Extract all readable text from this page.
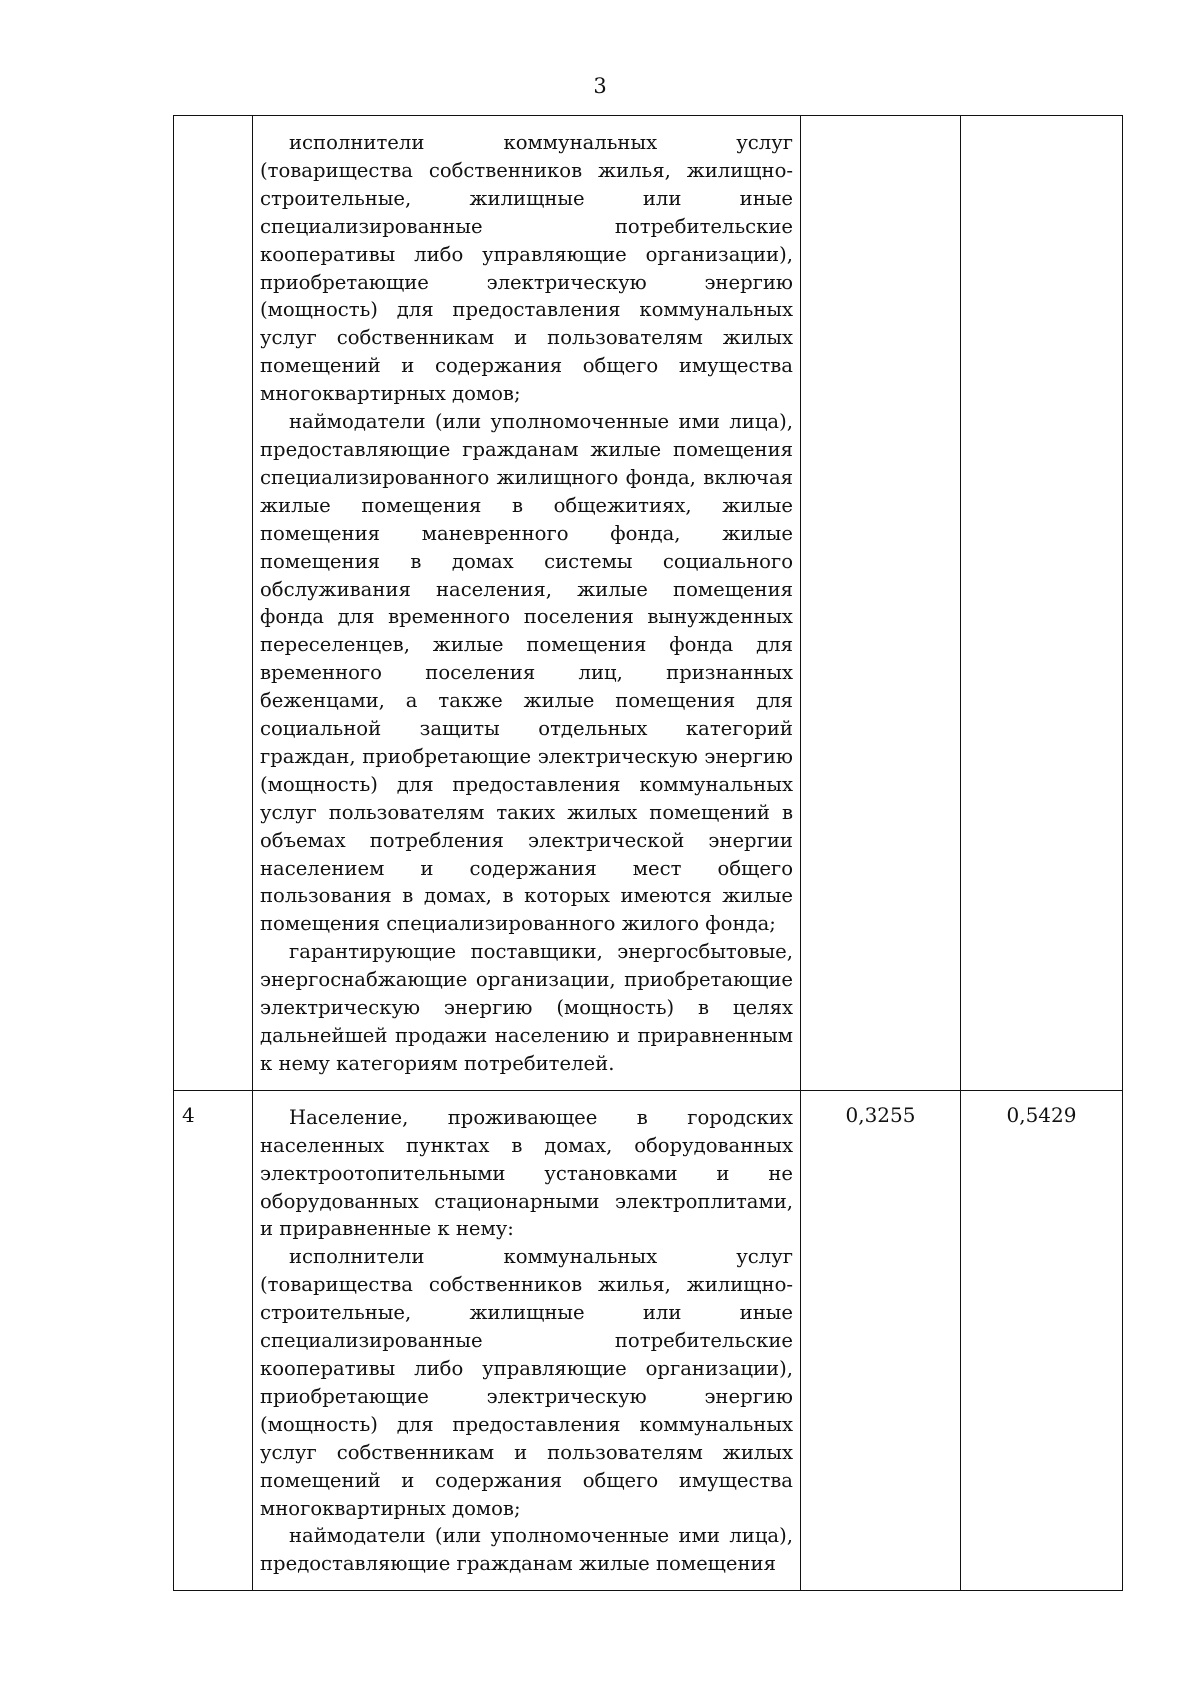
3

	исполнители коммунальных услуг (товарищества собственников жилья, жилищно-строительные, жилищные или иные специализированные потребительские кооперативы либо управляющие организации), приобретающие электрическую энергию (мощность) для предоставления коммунальных услуг собственникам и пользователям жилых помещений и содержания общего имущества многоквартирных домов;

наймодатели (или уполномоченные ими лица), предоставляющие гражданам жилые помещения специализированного жилищного фонда, включая жилые помещения в общежитиях, жилые помещения маневренного фонда, жилые помещения в домах системы социального обслуживания населения, жилые помещения фонда для временного поселения вынужденных переселенцев, жилые помещения фонда для временного поселения лиц, признанных беженцами, а также жилые помещения для социальной защиты отдельных категорий граждан, приобретающие электрическую энергию (мощность) для предоставления коммунальных услуг пользователям таких жилых помещений в объемах потребления электрической энергии населением и содержания мест общего пользования в домах, в которых имеются жилые помещения специализированного жилого фонда;

гарантирующие поставщики, энергосбытовые, энергоснабжающие организации, приобретающие электрическую энергию (мощность) в целях дальнейшей продажи населению и приравненным к нему категориям потребителей.		

4	Население, проживающее в городских населенных пунктах в домах, оборудованных электроотопительными установками и не оборудованных стационарными электроплитами, и приравненные к нему:

исполнители коммунальных услуг (товарищества собственников жилья, жилищно-строительные, жилищные или иные специализированные потребительские кооперативы либо управляющие организации), приобретающие электрическую энергию (мощность) для предоставления коммунальных услуг собственникам и пользователям жилых помещений и содержания общего имущества многоквартирных домов;

наймодатели (или уполномоченные ими лица), предоставляющие гражданам жилые помещения	0,3255	0,5429
